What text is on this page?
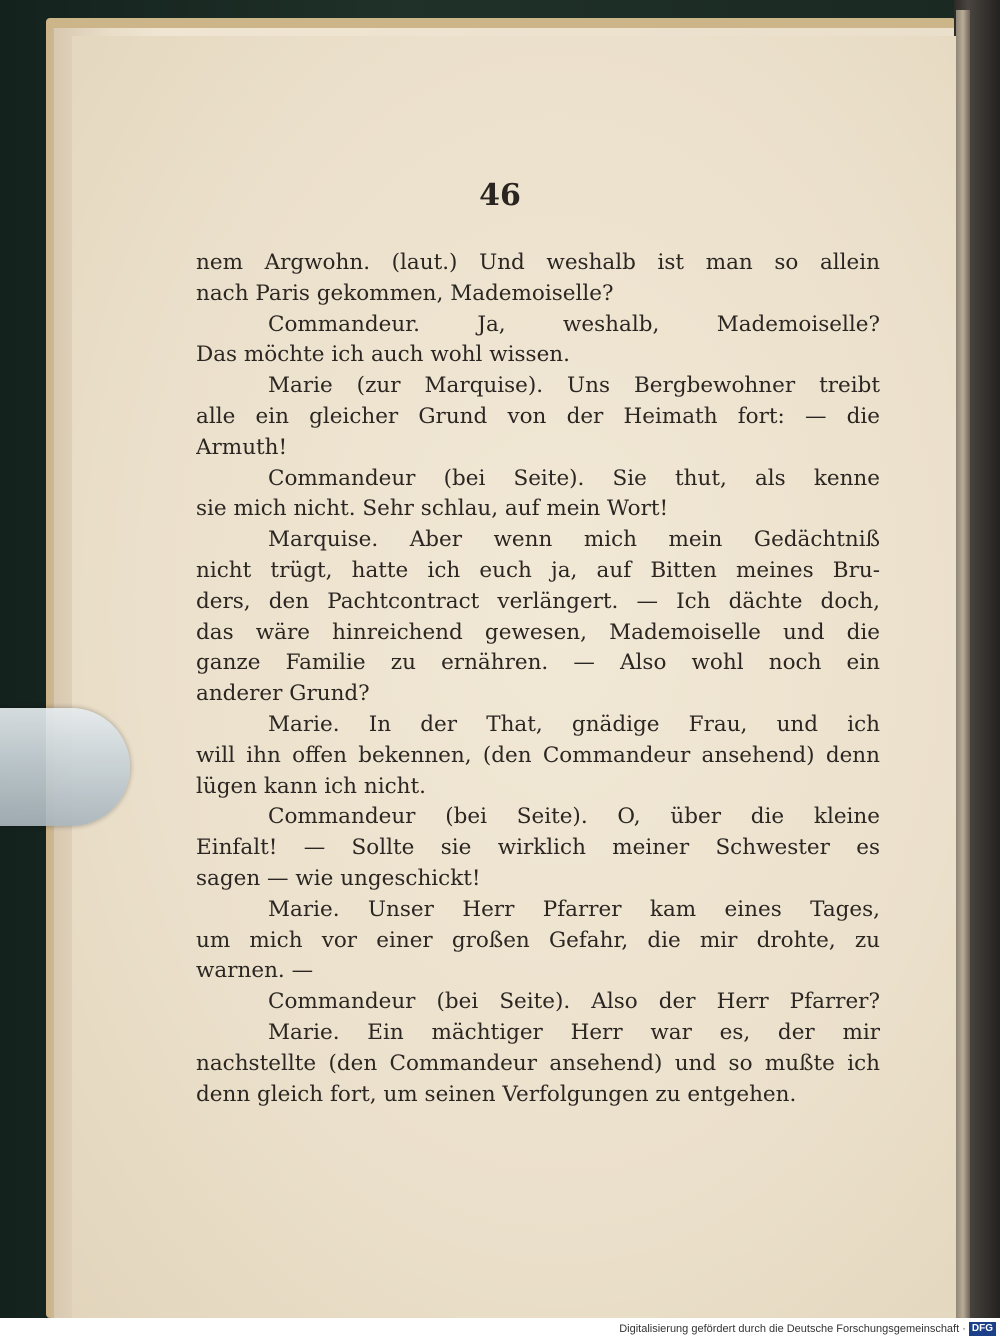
46
nem Argwohn. (laut.) Und weshalb ist man so allein
nach Paris gekommen, Mademoiselle?
Commandeur. Ja, weshalb, Mademoiselle?
Das möchte ich auch wohl wissen.
Marie (zur Marquise). Uns Bergbewohner treibt
alle ein gleicher Grund von der Heimath fort: — die
Armuth!
Commandeur (bei Seite). Sie thut, als kenne
sie mich nicht. Sehr schlau, auf mein Wort!
Marquise. Aber wenn mich mein Gedächtniß
nicht trügt, hatte ich euch ja, auf Bitten meines Bru-
ders, den Pachtcontract verlängert. — Ich dächte doch,
das wäre hinreichend gewesen, Mademoiselle und die
ganze Familie zu ernähren. — Also wohl noch ein
anderer Grund?
Marie. In der That, gnädige Frau, und ich
will ihn offen bekennen, (den Commandeur ansehend) denn
lügen kann ich nicht.
Commandeur (bei Seite). O, über die kleine
Einfalt! — Sollte sie wirklich meiner Schwester es
sagen — wie ungeschickt!
Marie. Unser Herr Pfarrer kam eines Tages,
um mich vor einer großen Gefahr, die mir drohte, zu
warnen. —
Commandeur (bei Seite). Also der Herr Pfarrer?
Marie. Ein mächtiger Herr war es, der mir
nachstellte (den Commandeur ansehend) und so mußte ich
denn gleich fort, um seinen Verfolgungen zu entgehen.
Digitalisierung gefördert durch die Deutsche Forschungsgemeinschaft · DFG
